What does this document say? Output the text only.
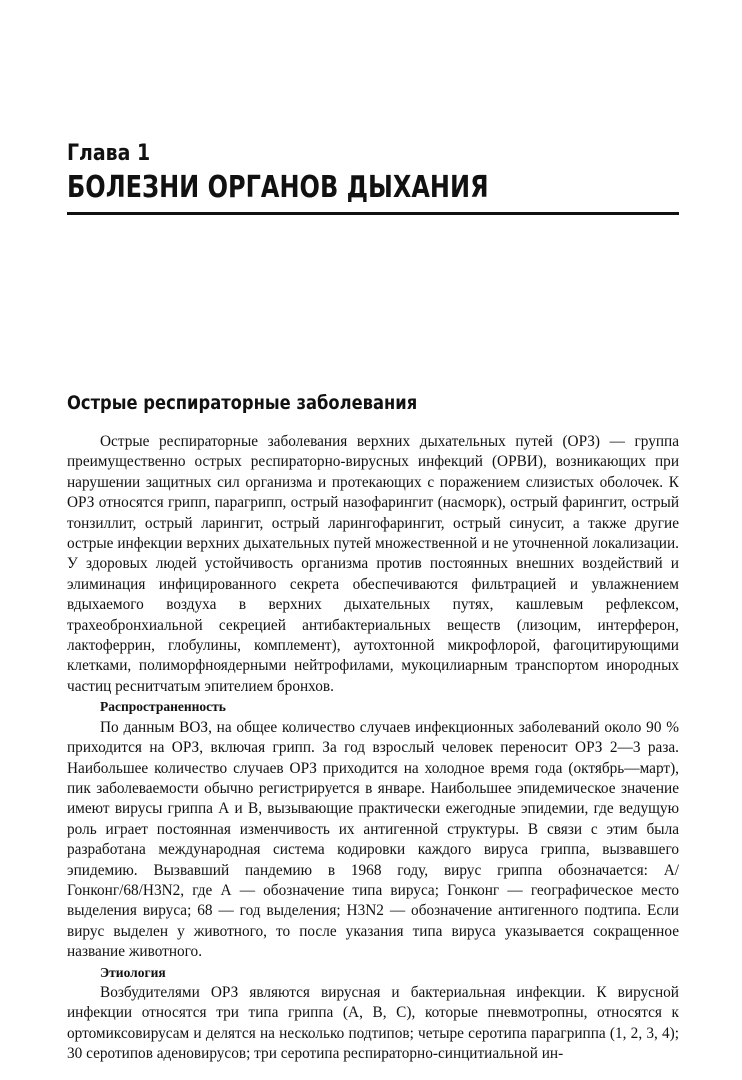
Глава 1
БОЛЕЗНИ ОРГАНОВ ДЫХАНИЯ
Острые респираторные заболевания

Острые респираторные заболевания верхних дыхательных путей (ОРЗ) — группа преимущественно острых респираторно-вирусных инфекций (ОРВИ), возникающих при нарушении защитных сил организма и протекающих с поражением слизистых оболочек. К ОРЗ относятся грипп, парагрипп, острый назофарингит (насморк), острый фарингит, острый тонзиллит, острый ларингит, острый ларингофарингит, острый синусит, а также другие острые инфекции верхних дыхательных путей множественной и не уточненной локализации. У здоровых людей устойчивость организма против постоянных внешних воздействий и элиминация инфицированного секрета обеспечиваются фильтрацией и увлажнением вдыхаемого воздуха в верхних дыхательных путях, кашлевым рефлексом, трахеобронхиальной секрецией антибактериальных веществ (лизоцим, интерферон, лактоферрин, глобулины, комплемент), аутохтонной микрофлорой, фагоцитирующими клетками, полиморфноядерными нейтрофилами, мукоцилиарным транспортом инородных частиц реснитчатым эпителием бронхов.

Распространенность

По данным ВОЗ, на общее количество случаев инфекционных заболеваний около 90 % приходится на ОРЗ, включая грипп. За год взрослый человек переносит ОРЗ 2—3 раза. Наибольшее количество случаев ОРЗ приходится на холодное время года (октябрь—март), пик заболеваемости обычно регистрируется в январе. Наибольшее эпидемическое значение имеют вирусы гриппа А и В, вызывающие практически ежегодные эпидемии, где ведущую роль играет постоянная изменчивость их антигенной структуры. В связи с этим была разработана международная система кодировки каждого вируса гриппа, вызвавшего эпидемию. Вызвавший пандемию в 1968 году, вирус гриппа обозначается: A/Гонконг/68/H3N2, где А — обозначение типа вируса; Гонконг — географическое место выделения вируса; 68 — год выделения; H3N2 — обозначение антигенного подтипа. Если вирус выделен у животного, то после указания типа вируса указывается сокращенное название животного.

Этиология

Возбудителями ОРЗ являются вирусная и бактериальная инфекции. К вирусной инфекции относятся три типа гриппа (А, В, С), которые пневмотропны, относятся к ортомиксовирусам и делятся на несколько подтипов; четыре серотипа парагриппа (1, 2, 3, 4); 30 серотипов аденовирусов; три серотипа респираторно-синцитиальной ин-
